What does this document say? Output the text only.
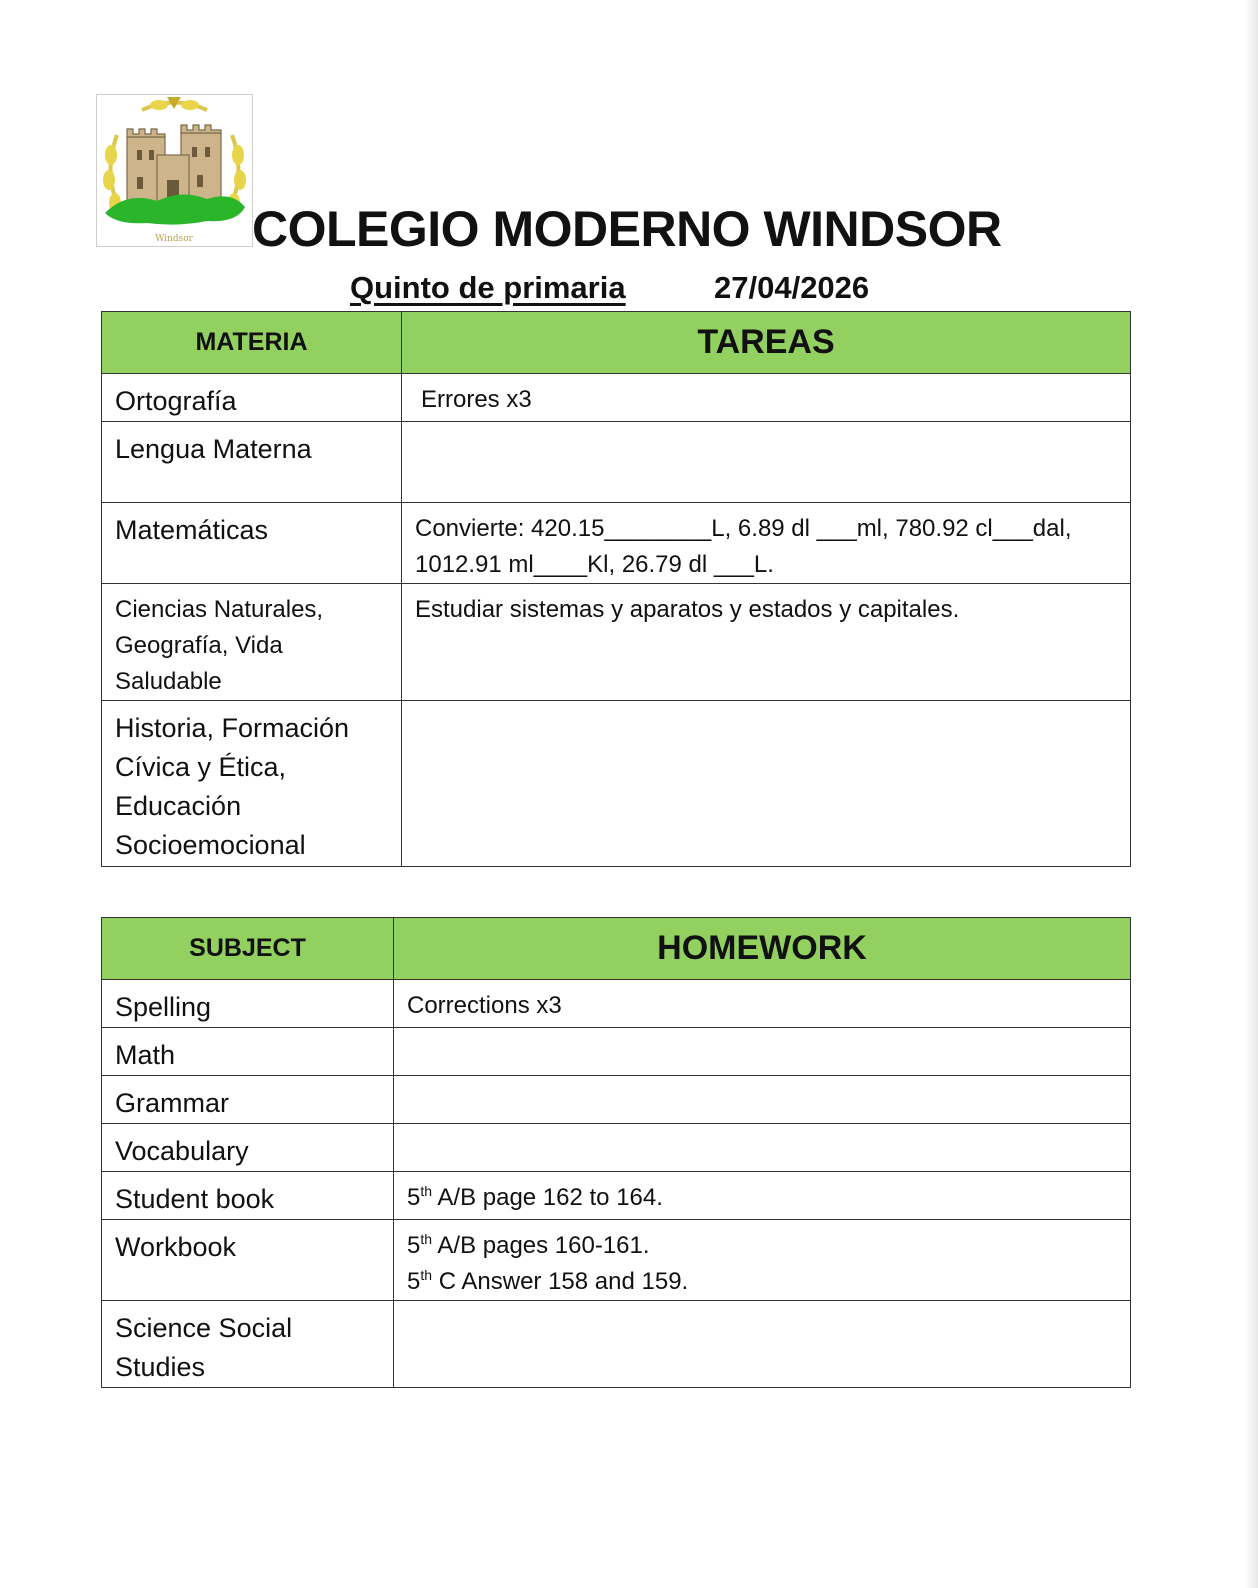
Windsor COLEGIO MODERNO WINDSOR
Quinto de primaria	27/04/2026
MATERIA	TAREAS
Ortografía	Errores x3
Lengua Materna	
Matemáticas	Convierte: 420.15________L, 6.89 dl ___ml, 780.92 cl___dal,
1012.91 ml____Kl, 26.79 dl ___L.

Ciencias Naturales,
Geografía, Vida
Saludable	Estudiar sistemas y aparatos y estados y capitales.

Historia, Formación
Cívica y Ética,
Educación
Socioemocional	

SUBJECT	HOMEWORK
Spelling	Corrections x3
Math	
Grammar	
Vocabulary	
Student book	5th A/B page 162 to 164.
Workbook	5th A/B pages 160-161.
5th C Answer 158 and 159.

Science Social
Studies	
